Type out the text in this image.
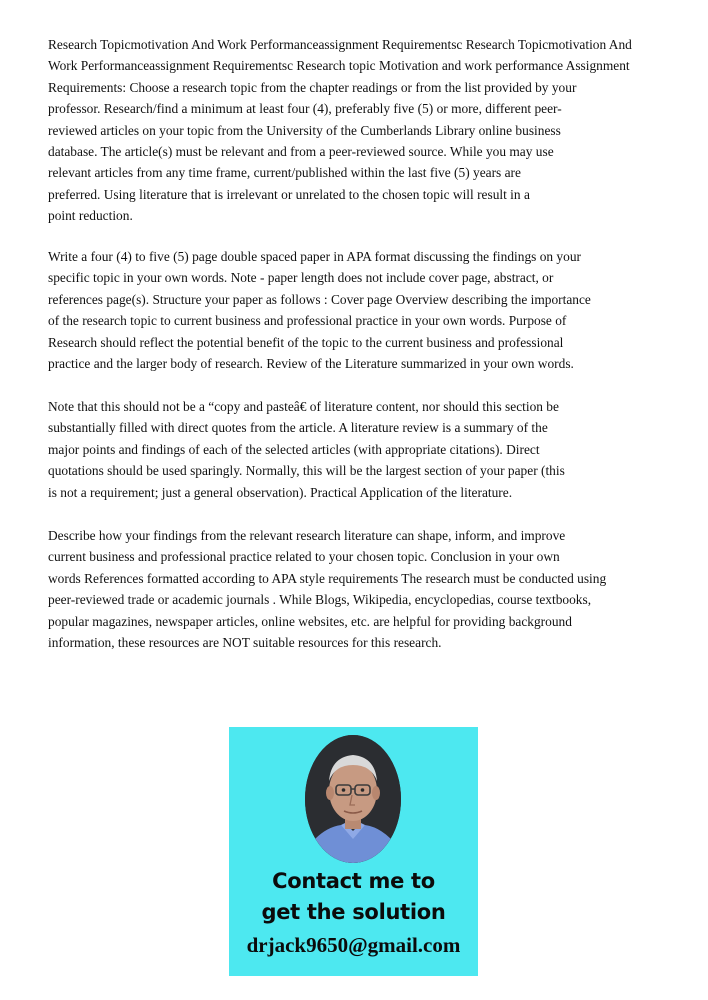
Research Topicmotivation And Work Performanceassignment Requirementsc Research Topicmotivation And
Work Performanceassignment Requirementsc Research topic Motivation and work performance Assignment
Requirements: Choose a research topic from the chapter readings or from the list provided by your
professor. Research/find a minimum at least four (4), preferably five (5) or more, different peer-
reviewed articles on your topic from the University of the Cumberlands Library online business
database. The article(s) must be relevant and from a peer-reviewed source. While you may use
relevant articles from any time frame, current/published within the last five (5) years are
preferred. Using literature that is irrelevant or unrelated to the chosen topic will result in a
point reduction.
Write a four (4) to five (5) page double spaced paper in APA format discussing the findings on your
specific topic in your own words. Note - paper length does not include cover page, abstract, or
references page(s). Structure your paper as follows : Cover page Overview describing the importance
of the research topic to current business and professional practice in your own words. Purpose of
Research should reflect the potential benefit of the topic to the current business and professional
practice and the larger body of research. Review of the Literature summarized in your own words.
Note that this should not be a “copy and pasteâ€ of literature content, nor should this section be
substantially filled with direct quotes from the article. A literature review is a summary of the
major points and findings of each of the selected articles (with appropriate citations). Direct
quotations should be used sparingly. Normally, this will be the largest section of your paper (this
is not a requirement; just a general observation). Practical Application of the literature.
Describe how your findings from the relevant research literature can shape, inform, and improve
current business and professional practice related to your chosen topic. Conclusion in your own
words References formatted according to APA style requirements The research must be conducted using
peer-reviewed trade or academic journals . While Blogs, Wikipedia, encyclopedias, course textbooks,
popular magazines, newspaper articles, online websites, etc. are helpful for providing background
information, these resources are NOT suitable resources for this research.
Contact me to
get the solution
drjack9650@gmail.com
